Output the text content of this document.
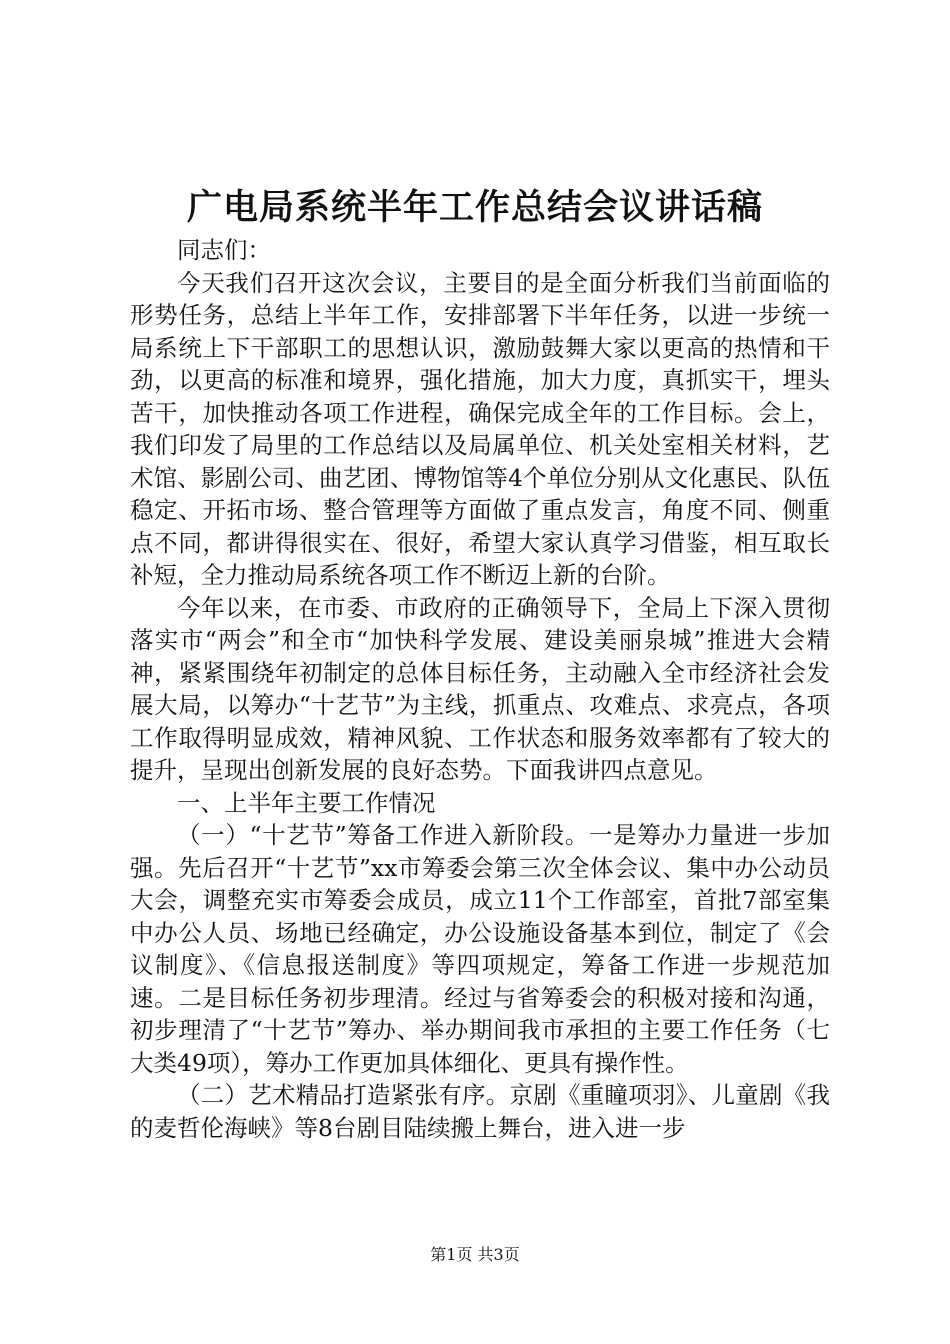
广电局系统半年工作总结会议讲话稿

同志们：

今天我们召开这次会议，主要目的是全面分析我们当前面临的形势任务，总结上半年工作，安排部署下半年任务，以进一步统一局系统上下干部职工的思想认识，激励鼓舞大家以更高的热情和干劲，以更高的标准和境界，强化措施，加大力度，真抓实干，埋头苦干，加快推动各项工作进程，确保完成全年的工作目标。会上，我们印发了局里的工作总结以及局属单位、机关处室相关材料，艺术馆、影剧公司、曲艺团、博物馆等4个单位分别从文化惠民、队伍稳定、开拓市场、整合管理等方面做了重点发言，角度不同、侧重点不同，都讲得很实在、很好，希望大家认真学习借鉴，相互取长补短，全力推动局系统各项工作不断迈上新的台阶。

今年以来，在市委、市政府的正确领导下，全局上下深入贯彻落实市“两会”和全市“加快科学发展、建设美丽泉城”推进大会精神，紧紧围绕年初制定的总体目标任务，主动融入全市经济社会发展大局，以筹办“十艺节”为主线，抓重点、攻难点、求亮点，各项工作取得明显成效，精神风貌、工作状态和服务效率都有了较大的提升，呈现出创新发展的良好态势。下面我讲四点意见。

一、上半年主要工作情况

（一）“十艺节”筹备工作进入新阶段。一是筹办力量进一步加强。先后召开“十艺节”xx市筹委会第三次全体会议、集中办公动员大会，调整充实市筹委会成员，成立11个工作部室，首批7部室集中办公人员、场地已经确定，办公设施设备基本到位，制定了《会议制度》、《信息报送制度》等四项规定，筹备工作进一步规范加速。二是目标任务初步理清。经过与省筹委会的积极对接和沟通，初步理清了“十艺节”筹办、举办期间我市承担的主要工作任务（七大类49项），筹办工作更加具体细化、更具有操作性。

（二）艺术精品打造紧张有序。京剧《重瞳项羽》、儿童剧《我的麦哲伦海峡》等8台剧目陆续搬上舞台，进入进一步

第1页 共3页
